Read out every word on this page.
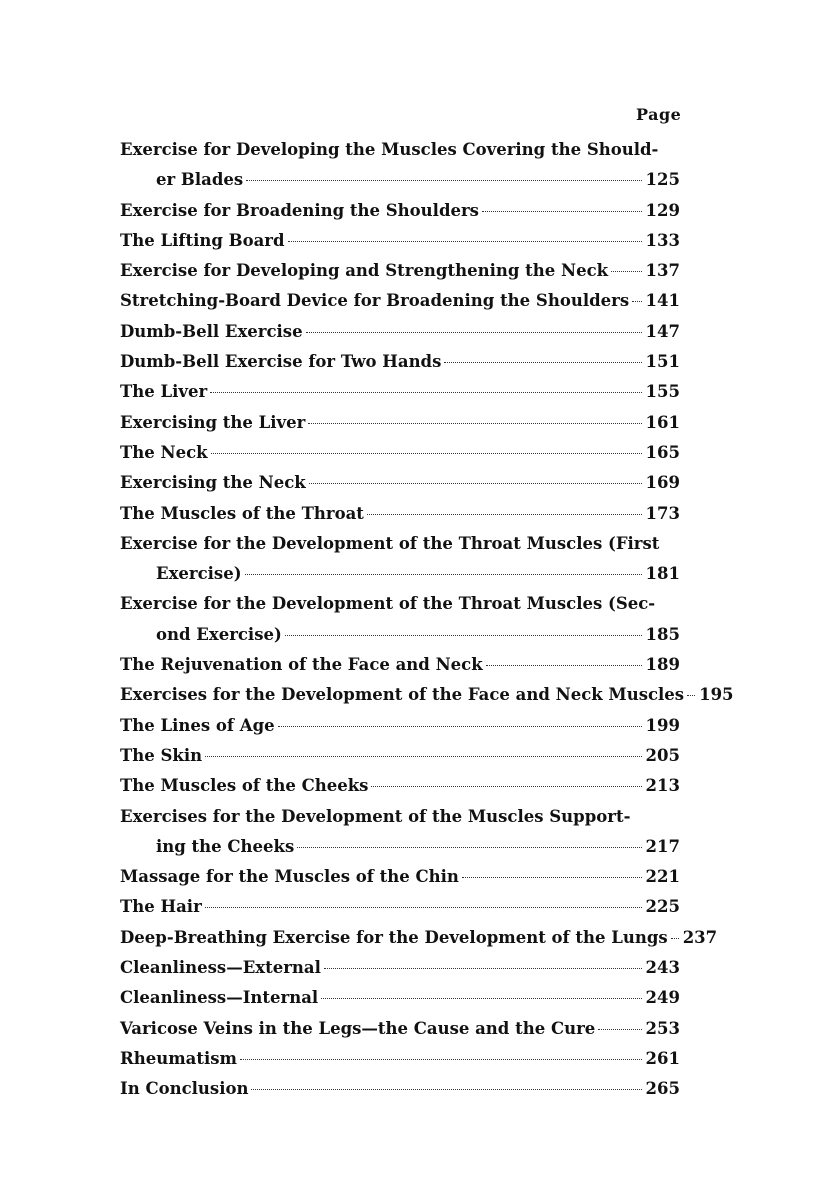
Page
Exercise for Developing the Muscles Covering the Should-
er Blades	125
Exercise for Broadening the Shoulders	129
The Lifting Board	133
Exercise for Developing and Strengthening the Neck 137
Stretching-Board Device for Broadening the Shoulders 141
Dumb-Bell Exercise	147
Dumb-Bell Exercise for Two Hands	151
The Liver	155
Exercising the Liver	161
The Neck	165
Exercising the Neck	169
The Muscles of the Throat	173
Exercise for the Development of the Throat Muscles (First
Exercise)	181
Exercise for the Development of the Throat Muscles (Sec-
ond Exercise)	185
The Rejuvenation of the Face and Neck	189
Exercises for the Development of the Face and Neck Muscles 195
The Lines of Age	199
The Skin	205
The Muscles of the Cheeks	213
Exercises for the Development of the Muscles Support-
ing the Cheeks	217
Massage for the Muscles of the Chin	221
The Hair	225
Deep-Breathing Exercise for the Development of the Lungs 237
Cleanliness—External	243
Cleanliness—Internal	249
Varicose Veins in the Legs—the Cause and the Cure	253
Rheumatism	261
In Conclusion	265
